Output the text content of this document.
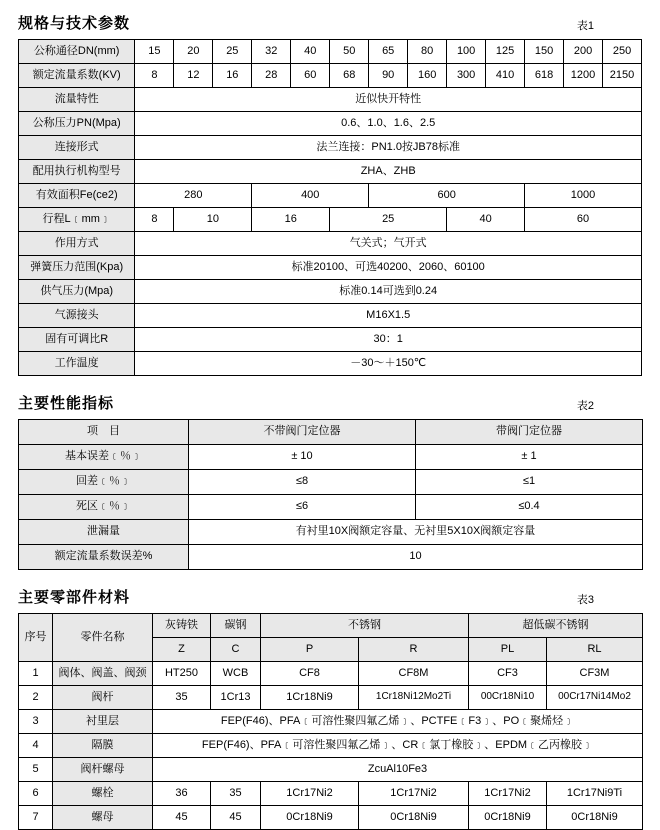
规格与技术参数	表1
公称通径DN(mm)	15	20	25	32	40	50	65	80	100	125	150	200	250
额定流量系数(KV)	8	12	16	28	60	68	90	160	300	410	618	1200	2150
流量特性	近似快开特性												
公称压力PN(Mpa)	0.6、1.0、1.6、2.5												
连接形式	法兰连接：PN1.0按JB78标准												
配用执行机构型号	ZHA、ZHB												
有效面积Fe(ce2)	280			400			600				1000		
行程L﹝mm﹞	8	10		16		25			40		60		
作用方式	气关式；气开式												
弹簧压力范围(Kpa)	标准20100、可选40200、2060、60100												
供气压力(Mpa)	标准0.14可选到0.24												
气源接头	M16X1.5												
固有可调比R	30：1												
工作温度	－30～＋150℃												
主要性能指标	表2
项　目	不带阀门定位器	带阀门定位器
基本误差﹝％﹞	± 10	± 1
回差﹝％﹞	≤8	≤1
死区﹝％﹞	≤6	≤0.4
泄漏量	有衬里10X阀额定容量、无衬里5X10X阀额定容量	
额定流量系数误差%	10	
主要零部件材料	表3
序号	零件名称	灰铸铁	碳钢	不锈钢		超低碳不锈钢	
		Z	C	P	R	PL	RL
1	阀体、阀盖、阀颈	HT250	WCB	CF8	CF8M	CF3	CF3M
2	阀杆	35	1Cr13	1Cr18Ni9	1Cr18Ni12Mo2Ti	00Cr18Ni10	00Cr17Ni14Mo2
3	衬里层	FEP(F46)、PFA﹝可溶性聚四氟乙烯﹞、PCTFE﹝F3﹞、PO﹝聚烯烃﹞					
4	隔膜	FEP(F46)、PFA﹝可溶性聚四氟乙烯﹞、CR﹝氯丁橡胶﹞、EPDM﹝乙丙橡胶﹞					
5	阀杆螺母	ZcuAl10Fe3					
6	螺栓	36	35	1Cr17Ni2	1Cr17Ni2	1Cr17Ni2	1Cr17Ni9Ti
7	螺母	45	45	0Cr18Ni9	0Cr18Ni9	0Cr18Ni9	0Cr18Ni9
